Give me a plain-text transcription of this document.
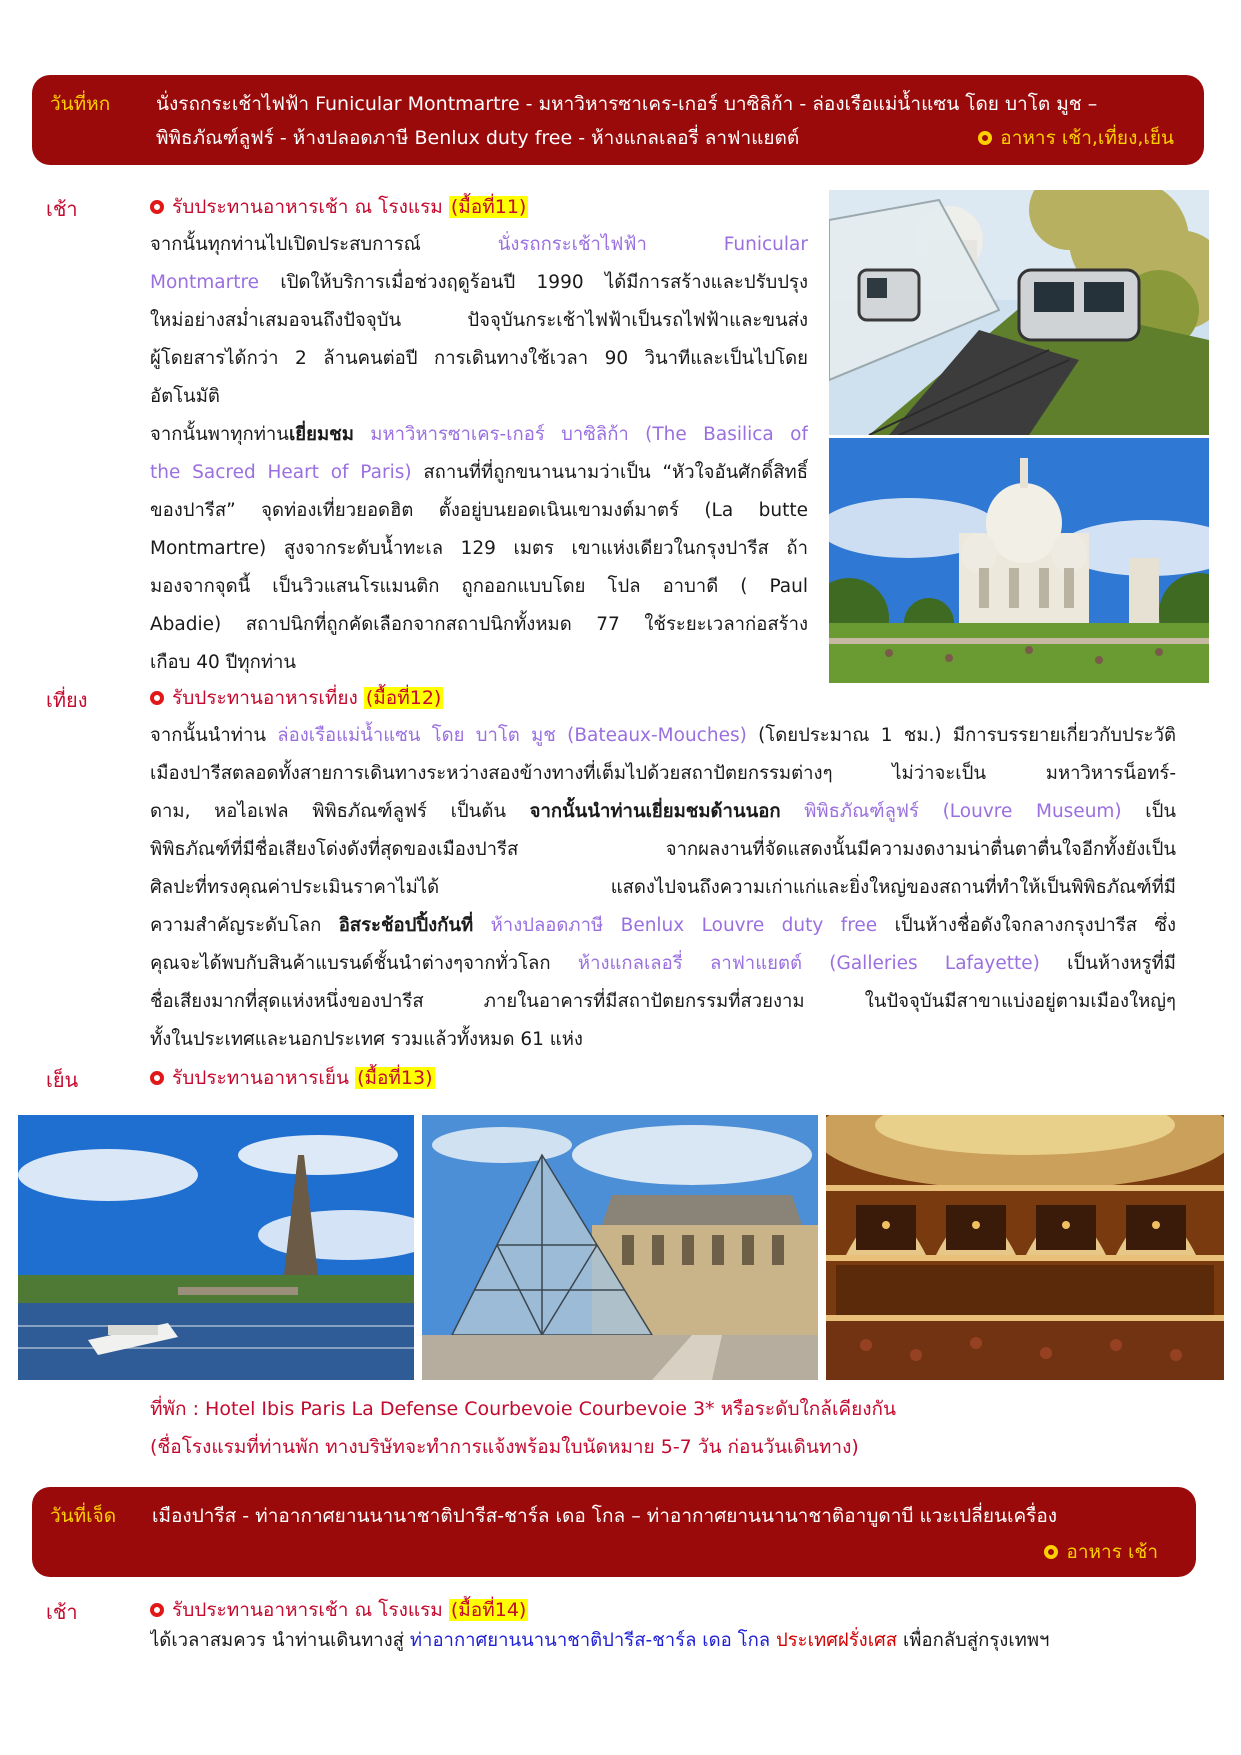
วันที่หก นั่งรถกระเช้าไฟฟ้า Funicular Montmartre - มหาวิหารซาเคร-เกอร์ บาซิลิก้า - ล่องเรือแม่น้ำแซน โดย บาโต มูช –
พิพิธภัณฑ์ลูฟร์ - ห้างปลอดภาษี Benlux duty free - ห้างแกลเลอรี่ ลาฟาแยตต์	อาหาร เช้า,เที่ยง,เย็น
เช้า	รับประทานอาหารเช้า ณ โรงแรม (มื้อที่11)
จากนั้นทุกท่านไปเปิดประสบการณ์ นั่งรถกระเช้าไฟฟ้า Funicular
Montmartre เปิดให้บริการเมื่อช่วงฤดูร้อนปี 1990 ได้มีการสร้างและปรับปรุง
ใหม่อย่างสม่ำเสมอจนถึงปัจจุบัน ปัจจุบันกระเช้าไฟฟ้าเป็นรถไฟฟ้าและขนส่ง
ผู้โดยสารได้กว่า 2 ล้านคนต่อปี การเดินทางใช้เวลา 90 วินาทีและเป็นไปโดย
อัตโนมัติ
จากนั้นพาทุกท่านเยี่ยมชม มหาวิหารซาเคร-เกอร์ บาซิลิก้า (The Basilica of
the Sacred Heart of Paris) สถานที่ที่ถูกขนานนามว่าเป็น “หัวใจอันศักดิ์สิทธิ์
ของปารีส” จุดท่องเที่ยวยอดฮิต ตั้งอยู่บนยอดเนินเขามงต์มาตร์ (La butte
Montmartre) สูงจากระดับน้ำทะเล 129 เมตร เขาแห่งเดียวในกรุงปารีส ถ้า
มองจากจุดนี้ เป็นวิวแสนโรแมนติก ถูกออกแบบโดย โปล อาบาดี ( Paul
Abadie) สถาปนิกที่ถูกคัดเลือกจากสถาปนิกทั้งหมด 77 ใช้ระยะเวลาก่อสร้าง
เกือบ 40 ปีทุกท่าน
เที่ยง	รับประทานอาหารเที่ยง (มื้อที่12)
จากนั้นนำท่าน ล่องเรือแม่น้ำแซน โดย บาโต มูช (Bateaux-Mouches) (โดยประมาณ 1 ชม.) มีการบรรยายเกี่ยวกับประวัติ
เมืองปารีสตลอดทั้งสายการเดินทางระหว่างสองข้างทางที่เต็มไปด้วยสถาปัตยกรรมต่างๆ ไม่ว่าจะเป็น มหาวิหารน็อทร์-
ดาม, หอไอเฟล พิพิธภัณฑ์ลูฟร์ เป็นต้น จากนั้นนำท่านเยี่ยมชมด้านนอก พิพิธภัณฑ์ลูฟร์ (Louvre Museum) เป็น
พิพิธภัณฑ์ที่มีชื่อเสียงโด่งดังที่สุดของเมืองปารีส จากผลงานที่จัดแสดงนั้นมีความงดงามน่าตื่นตาตื่นใจอีกทั้งยังเป็น
ศิลปะที่ทรงคุณค่าประเมินราคาไม่ได้ แสดงไปจนถึงความเก่าแก่และยิ่งใหญ่ของสถานที่ทำให้เป็นพิพิธภัณฑ์ที่มี
ความสำคัญระดับโลก อิสระช้อปปิ้งกันที่ ห้างปลอดภาษี Benlux Louvre duty free เป็นห้างชื่อดังใจกลางกรุงปารีส ซึ่ง
คุณจะได้พบกับสินค้าแบรนด์ชั้นนำต่างๆจากทั่วโลก ห้างแกลเลอรี่ ลาฟาแยตต์ (Galleries Lafayette) เป็นห้างหรูที่มี
ชื่อเสียงมากที่สุดแห่งหนึ่งของปารีส ภายในอาคารที่มีสถาปัตยกรรมที่สวยงาม ในปัจจุบันมีสาขาแบ่งอยู่ตามเมืองใหญ่ๆ
ทั้งในประเทศและนอกประเทศ รวมแล้วทั้งหมด 61 แห่ง
เย็น	รับประทานอาหารเย็น (มื้อที่13)
ที่พัก : Hotel Ibis Paris La Defense Courbevoie Courbevoie 3* หรือระดับใกล้เคียงกัน
(ชื่อโรงแรมที่ท่านพัก ทางบริษัทจะทำการแจ้งพร้อมใบนัดหมาย 5-7 วัน ก่อนวันเดินทาง)
วันที่เจ็ด เมืองปารีส - ท่าอากาศยานนานาชาติปารีส-ชาร์ล เดอ โกล – ท่าอากาศยานนานาชาติอาบูดาบี แวะเปลี่ยนเครื่อง
อาหาร เช้า
เช้า	รับประทานอาหารเช้า ณ โรงแรม (มื้อที่14)
ได้เวลาสมควร นำท่านเดินทางสู่ ท่าอากาศยานนานาชาติปารีส-ชาร์ล เดอ โกล ประเทศฝรั่งเศส เพื่อกลับสู่กรุงเทพฯ
